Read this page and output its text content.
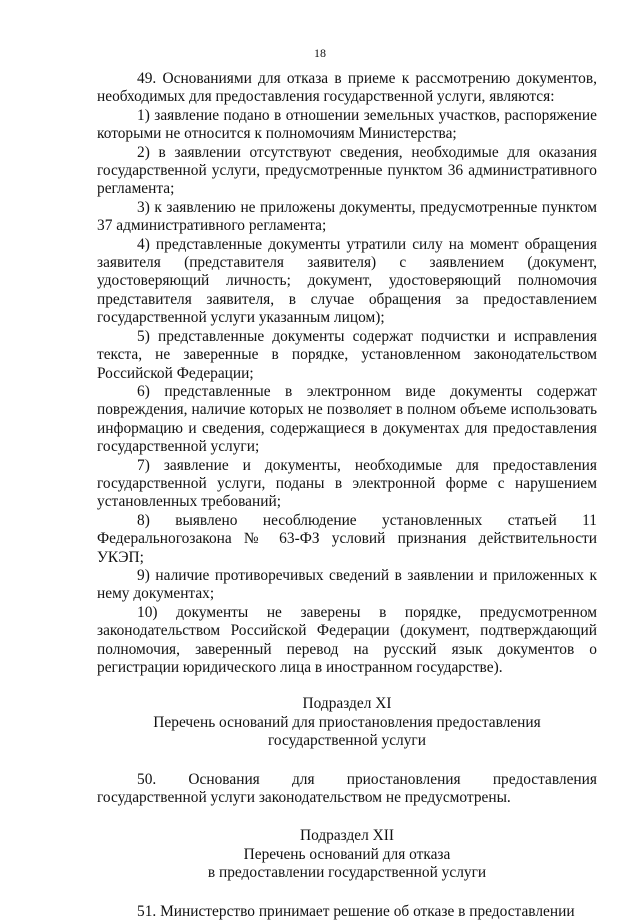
18

49. Основаниями для отказа в приеме к рассмотрению документов, необходимых для предоставления государственной услуги, являются:

1) заявление подано в отношении земельных участков, распоряжение которыми не относится к полномочиям Министерства;

2) в заявлении отсутствуют сведения, необходимые для оказания государственной услуги, предусмотренные пунктом 36 административного регламента;

3) к заявлению не приложены документы, предусмотренные пунктом 37 административного регламента;

4) представленные документы утратили силу на момент обращения заявителя (представителя заявителя) с заявлением (документ, удостоверяющий личность; документ, удостоверяющий полномочия представителя заявителя, в случае обращения за предоставлением государственной услуги указанным лицом);

5) представленные документы содержат подчистки и исправления текста, не заверенные в порядке, установленном законодательством Российской Федерации;

6) представленные в электронном виде документы содержат повреждения, наличие которых не позволяет в полном объеме использовать информацию и сведения, содержащиеся в документах для предоставления государственной услуги;

7) заявление и документы, необходимые для предоставления государственной услуги, поданы в электронной форме с нарушением установленных требований;

8) выявлено несоблюдение установленных статьей 11 Федеральногозакона № 63-ФЗ условий признания действительности УКЭП;

9) наличие противоречивых сведений в заявлении и приложенных к нему документах;

10) документы не заверены в порядке, предусмотренном законодательством Российской Федерации (документ, подтверждающий полномочия, заверенный перевод на русский язык документов о регистрации юридического лица в иностранном государстве).

Подраздел XI

Перечень оснований для приостановления предоставления

государственной услуги

50. Основания для приостановления предоставления государственной услуги законодательством не предусмотрены.

Подраздел XII

Перечень оснований для отказа

в предоставлении государственной услуги

51. Министерство принимает решение об отказе в предоставлении
